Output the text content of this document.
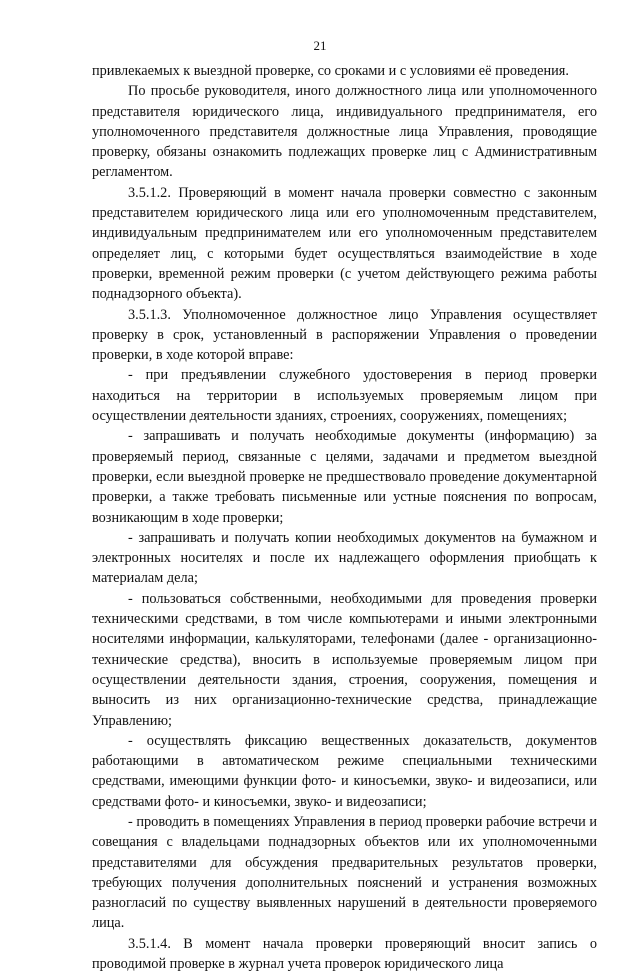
21

привлекаемых к выездной проверке, со сроками и с условиями её проведения.

По просьбе руководителя, иного должностного лица или уполномоченного представителя юридического лица, индивидуального предпринимателя, его уполномоченного представителя должностные лица Управления, проводящие проверку, обязаны ознакомить подлежащих проверке лиц с Административным регламентом.

3.5.1.2. Проверяющий в момент начала проверки совместно с законным представителем юридического лица или его уполномоченным представителем, индивидуальным предпринимателем или его уполномоченным представителем определяет лиц, с которыми будет осуществляться взаимодействие в ходе проверки, временной режим проверки (с учетом действующего режима работы поднадзорного объекта).

3.5.1.3. Уполномоченное должностное лицо Управления осуществляет проверку в срок, установленный в распоряжении Управления о проведении проверки, в ходе которой вправе:

- при предъявлении служебного удостоверения в период проверки находиться на территории в используемых проверяемым лицом при осуществлении деятельности зданиях, строениях, сооружениях, помещениях;

- запрашивать и получать необходимые документы (информацию) за проверяемый период, связанные с целями, задачами и предметом выездной проверки, если выездной проверке не предшествовало проведение документарной проверки, а также требовать письменные или устные пояснения по вопросам, возникающим в ходе проверки;

- запрашивать и получать копии необходимых документов на бумажном и электронных носителях и после их надлежащего оформления приобщать к материалам дела;

- пользоваться собственными, необходимыми для проведения проверки техническими средствами, в том числе компьютерами и иными электронными носителями информации, калькуляторами, телефонами (далее - организационно-технические средства), вносить в используемые проверяемым лицом при осуществлении деятельности здания, строения, сооружения, помещения и выносить из них организационно-технические средства, принадлежащие Управлению;

- осуществлять фиксацию вещественных доказательств, документов работающими в автоматическом режиме специальными техническими средствами, имеющими функции фото- и киносъемки, звуко- и видеозаписи, или средствами фото- и киносъемки, звуко- и видеозаписи;

- проводить в помещениях Управления в период проверки рабочие встречи и совещания с владельцами поднадзорных объектов или их уполномоченными представителями для обсуждения предварительных результатов проверки, требующих получения дополнительных пояснений и устранения возможных разногласий по существу выявленных нарушений в деятельности проверяемого лица.

3.5.1.4. В момент начала проверки проверяющий вносит запись о проводимой проверке в журнал учета проверок юридического лица
